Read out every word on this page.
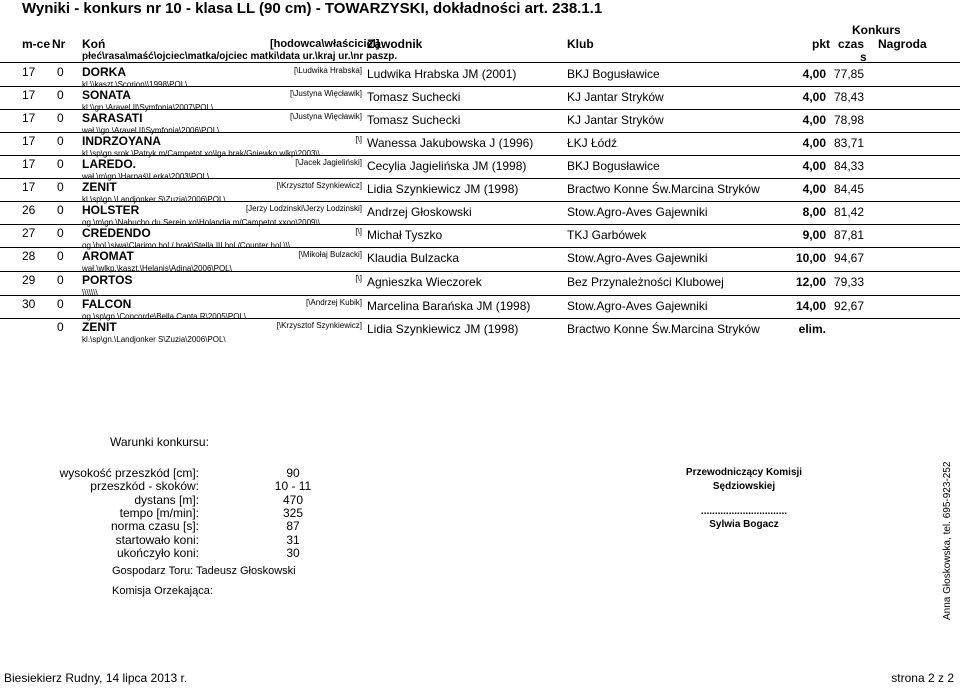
Wyniki - konkurs nr 10 - klasa LL (90 cm) - TOWARZYSKI, dokładności art. 238.1.1
Konkurs
m-ce Nr Koń	[hodowca\właściciel]
Zawodnik	Klub	pkt czas Nagroda
płeć\rasa\maść\ojciec\matka/ojciec matki\data ur.\kraj ur.\nr paszp.	s
17 0 DORKA	[\Ludwika Hrabska] Ludwika Hrabska JM (2001)	BKJ Bogusławice	4,00 77,85
kl.\\kaszt.\Scorion\\1998\POL\
17 0 SONATA	[\Justyna Więcławik] Tomasz Suchecki	KJ Jantar Stryków	4,00 78,43
kl.\\gn.\Aravel II\Symfonia\2007\POL\
17 0 SARASATI	[\Justyna Więcławik] Tomasz Suchecki	KJ Jantar Stryków	4,00 78,98
wał.\\gn.\Aravel II\Symfonia\2006\POL\
17 0 INDRZOYANA	[\] Wanessa Jakubowska J (1996)	ŁKJ Łódź	4,00 83,71
kl.\sp\gn.srok.\Patryk m/Campetot xo\Iga brak/Gniewko wlkp\2003\\
17 0 LAREDO.	[\Jacek Jagieliński] Cecylia Jagielińska JM (1998)	BKJ Bogusławice	4,00 84,33
wał.\m\gn.\Harnaś\Lerka\2003\POL\
17 0 ZENIT	[\Krzysztof Szynkiewicz] Lidia Szynkiewicz JM (1998)	Bractwo Konne Św.Marcina Stryków	4,00 84,45
kl.\sp\gn.\Landjonker S\Zuzia\2006\POL\
26 0 HOLSTER	[Jerzy Lodzinski\Jerzy Lodzinski] Andrzej Głoskowski	Stow.Agro-Aves Gajewniki	8,00 81,42
og.\m\gn.\Nabucho du Serein xo\Holandia m/Campetot xxoo\2009\\
27 0 CREDENDO	[\] Michał Tyszko	TKJ Garbówek	9,00 87,81
og.\hol.\siwa\Clarimo hol./ brak\Stella III hol./Counter hol.\\\
28 0 AROMAT	[\Mikołaj Bulzacki] Klaudia Bulzacka	Stow.Agro-Aves Gajewniki	10,00 94,67
wał.\wlkp.\kaszt.\Helanis\Adina\2006\POL\
29 0 PORTOS	[\] Agnieszka Wieczorek	Bez Przynależności Klubowej	12,00 79,33
\\\\\\\
30 0 FALCON	[\Andrzej Kubik] Marcelina Barańska JM (1998)	Stow.Agro-Aves Gajewniki	14,00 92,67
og.\sp\gn.\Concorde\Bella Canta R\2005\POL\
0 ZENIT	[\Krzysztof Szynkiewicz] Lidia Szynkiewicz JM (1998)	Bractwo Konne Św.Marcina Stryków	elim.
kl.\sp\gn.\Landjonker S\Zuzia\2006\POL\
Anna Głoskowska, tel. 695-923-252
Warunki konkursu:
wysokość przeszkód [cm]:	90
przeszkód - skoków:	10 - 11
dystans [m]:	470
tempo [m/min]:	325
norma czasu [s]:	87
startowało koni:	31
ukończyło koni:	30
Gospodarz Toru: Tadeusz Głoskowski
Komisja Orzekająca:
Przewodniczący Komisji
Sędziowskiej
...............................
Sylwia Bogacz
Biesiekierz Rudny, 14 lipca 2013 r.	strona 2 z 2
